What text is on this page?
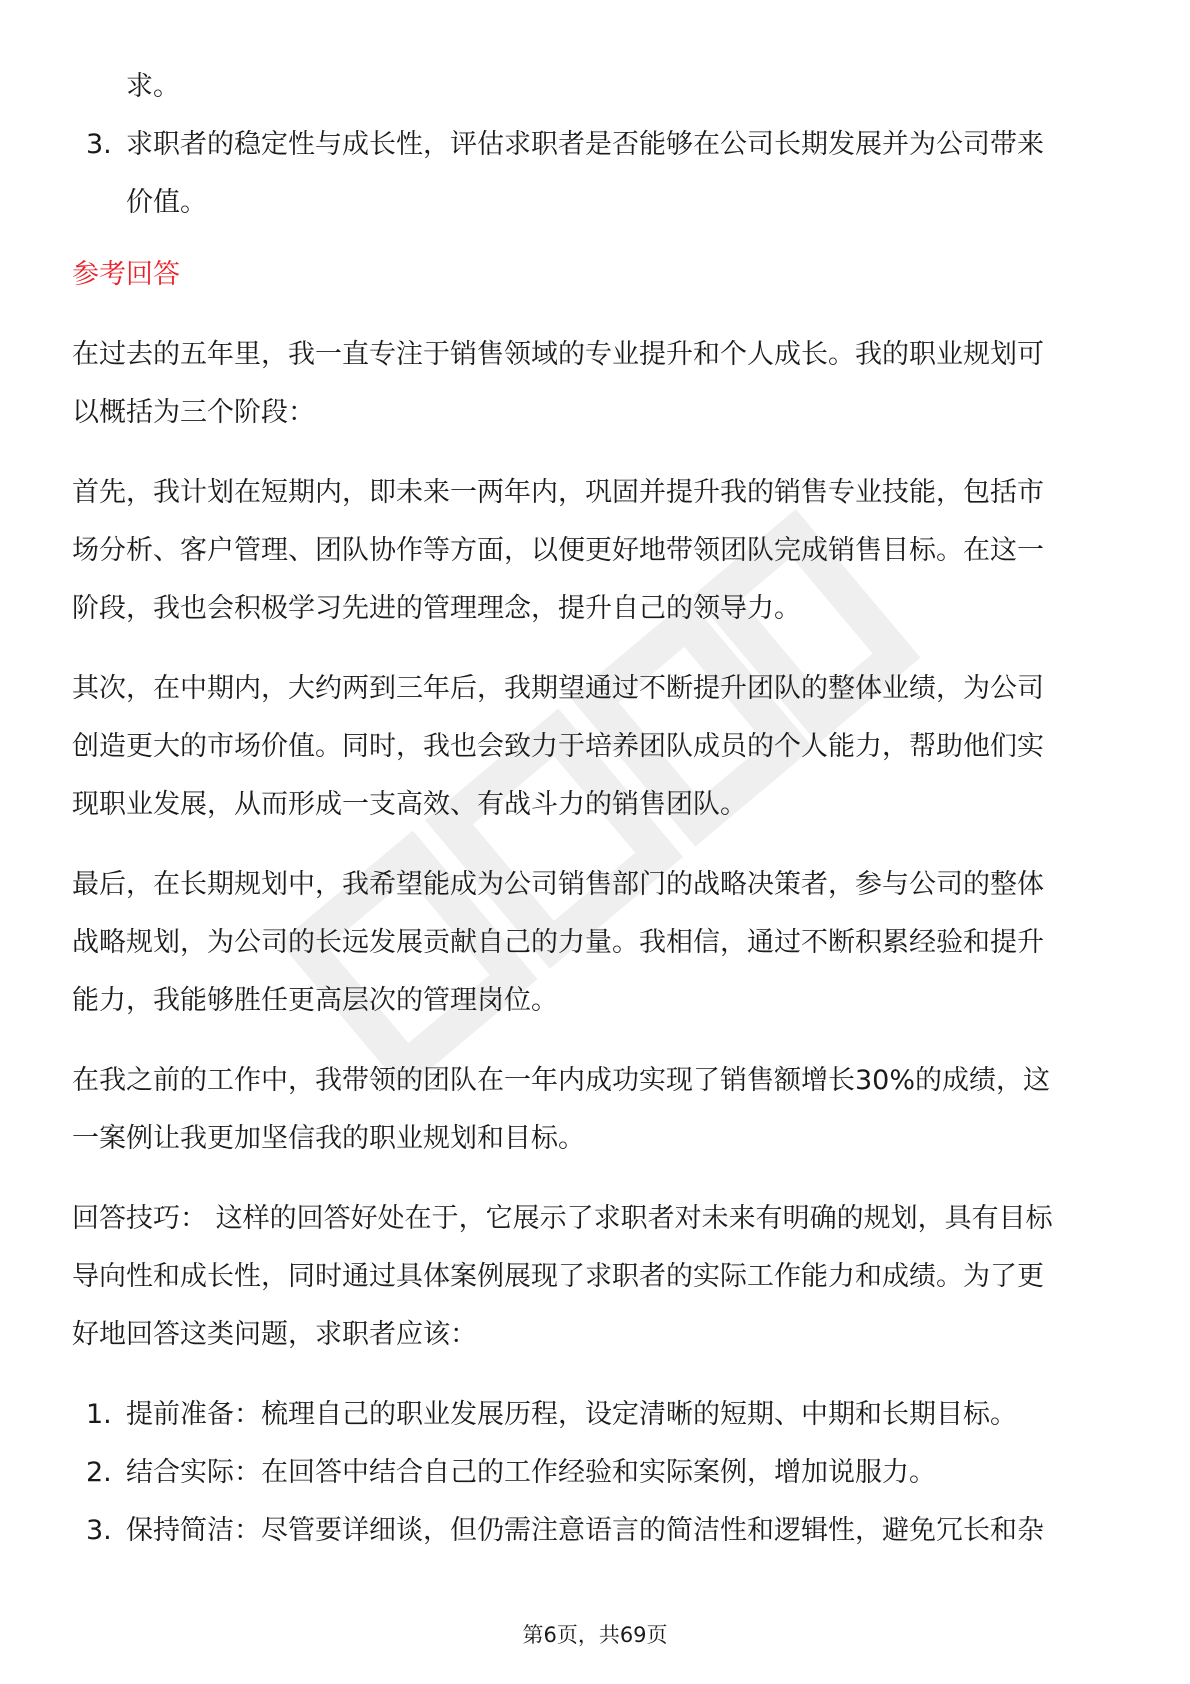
求。
3. 求职者的稳定性与成长性，评估求职者是否能够在公司长期发展并为公司带来
价值。
参考回答
在过去的五年里，我一直专注于销售领域的专业提升和个人成长。我的职业规划可
以概括为三个阶段：
首先，我计划在短期内，即未来一两年内，巩固并提升我的销售专业技能，包括市
场分析、客户管理、团队协作等方面，以便更好地带领团队完成销售目标。在这一
阶段，我也会积极学习先进的管理理念，提升自己的领导力。
其次，在中期内，大约两到三年后，我期望通过不断提升团队的整体业绩，为公司
创造更大的市场价值。同时，我也会致力于培养团队成员的个人能力，帮助他们实
现职业发展，从而形成一支高效、有战斗力的销售团队。
最后，在长期规划中，我希望能成为公司销售部门的战略决策者，参与公司的整体
战略规划，为公司的长远发展贡献自己的力量。我相信，通过不断积累经验和提升
能力，我能够胜任更高层次的管理岗位。
在我之前的工作中，我带领的团队在一年内成功实现了销售额增长30%的成绩，这
一案例让我更加坚信我的职业规划和目标。
回答技巧： 这样的回答好处在于，它展示了求职者对未来有明确的规划，具有目标
导向性和成长性，同时通过具体案例展现了求职者的实际工作能力和成绩。为了更
好地回答这类问题，求职者应该：
1. 提前准备：梳理自己的职业发展历程，设定清晰的短期、中期和长期目标。
2. 结合实际：在回答中结合自己的工作经验和实际案例，增加说服力。
3. 保持简洁：尽管要详细谈，但仍需注意语言的简洁性和逻辑性，避免冗长和杂
第6页，共69页
